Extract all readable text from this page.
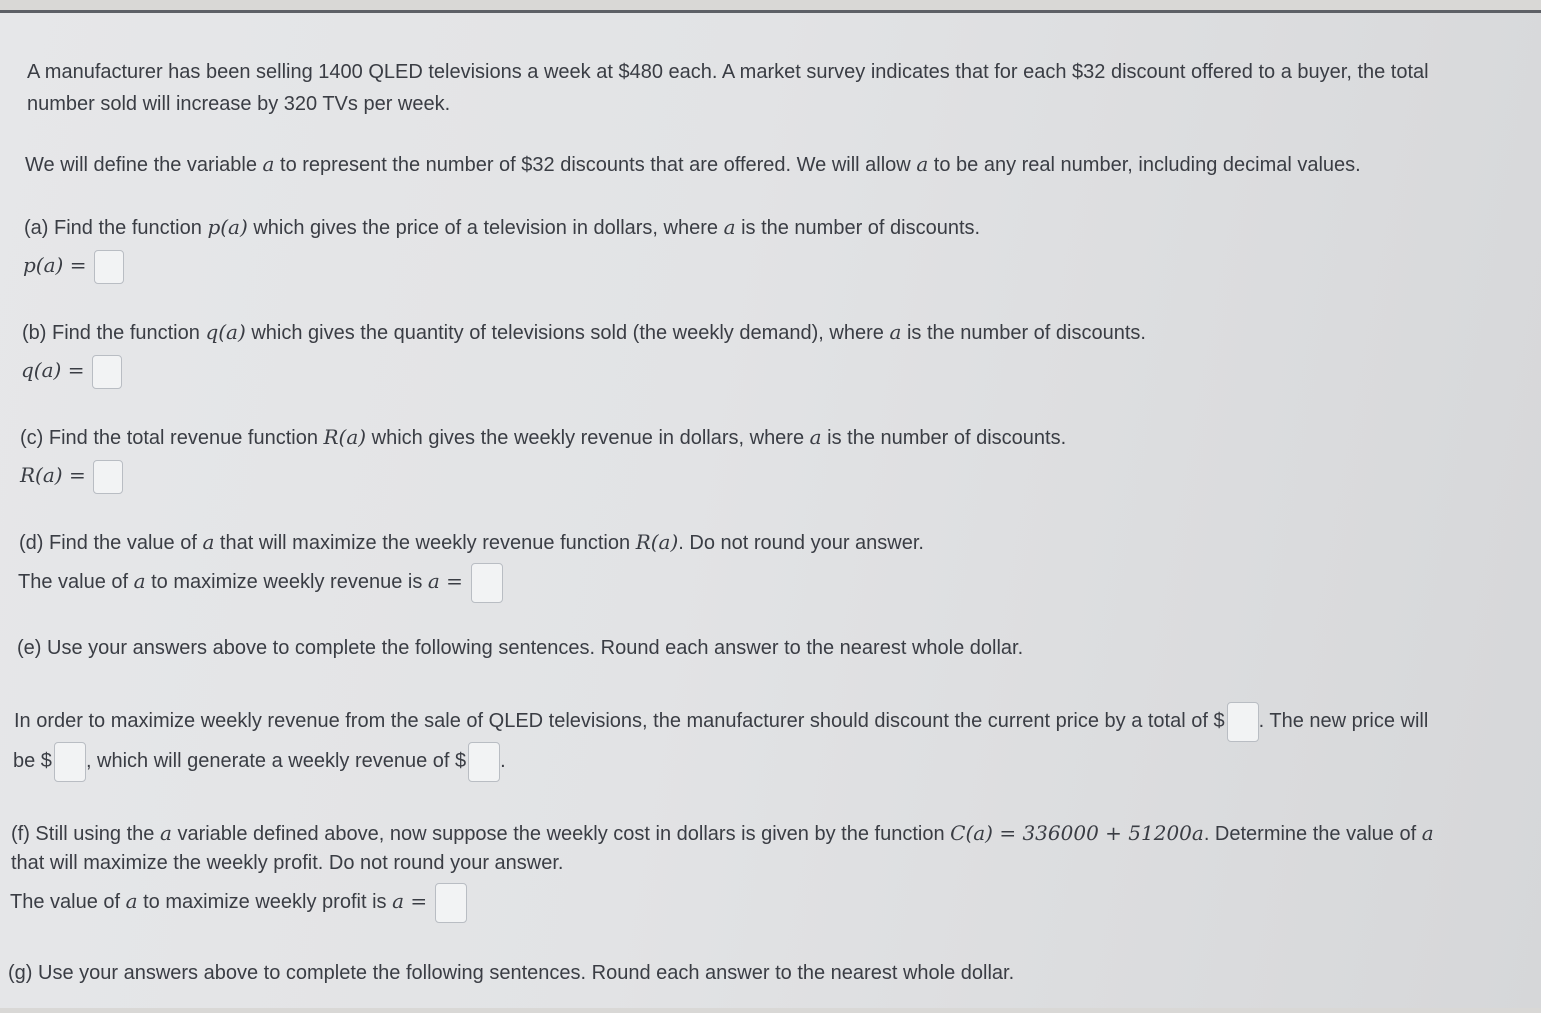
A manufacturer has been selling 1400 QLED televisions a week at $480 each. A market survey indicates that for each $32 discount offered to a buyer, the total
number sold will increase by 320 TVs per week.
We will define the variable a to represent the number of $32 discounts that are offered. We will allow a to be any real number, including decimal values.
(a) Find the function p(a) which gives the price of a television in dollars, where a is the number of discounts.
p(a) =
(b) Find the function q(a) which gives the quantity of televisions sold (the weekly demand), where a is the number of discounts.
q(a) =
(c) Find the total revenue function R(a) which gives the weekly revenue in dollars, where a is the number of discounts.
R(a) =
(d) Find the value of a that will maximize the weekly revenue function R(a). Do not round your answer.
The value of a to maximize weekly revenue is a =
(e) Use your answers above to complete the following sentences. Round each answer to the nearest whole dollar.
In order to maximize weekly revenue from the sale of QLED televisions, the manufacturer should discount the current price by a total of $ . The new price will
be $ , which will generate a weekly revenue of $ .
(f) Still using the a variable defined above, now suppose the weekly cost in dollars is given by the function C(a) = 336000 + 51200a. Determine the value of a
that will maximize the weekly profit. Do not round your answer.
The value of a to maximize weekly profit is a =
(g) Use your answers above to complete the following sentences. Round each answer to the nearest whole dollar.
